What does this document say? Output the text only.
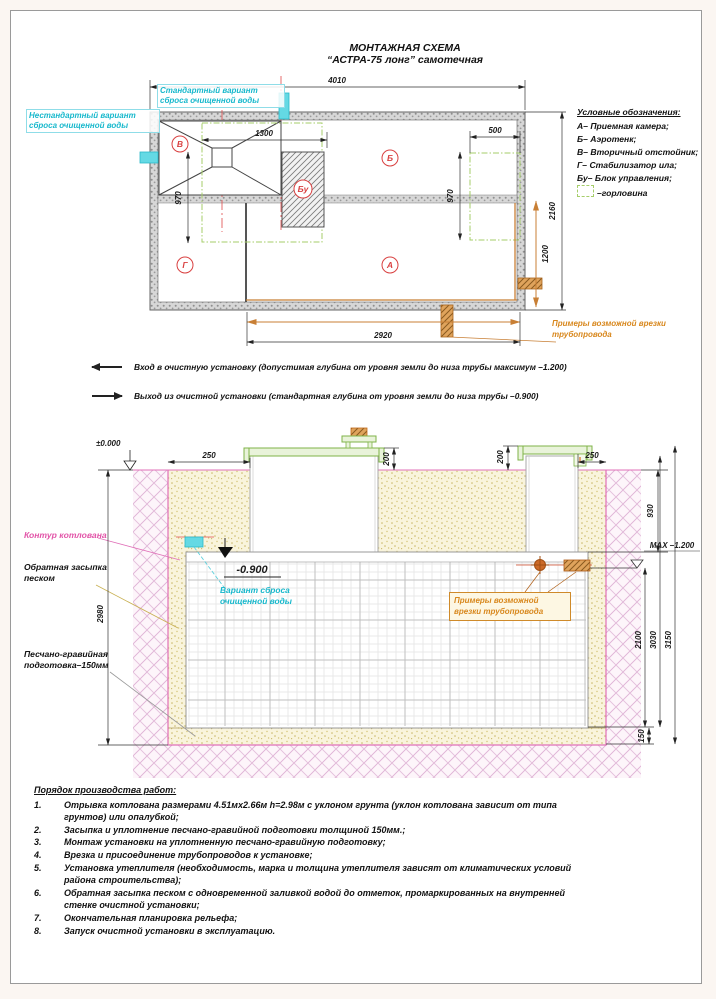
В
Б
Бу
Г	А
4010
1300	500
970	970
2160
1200
2920
-0.900
MAX –1.200
±0.000
250	200	200	250
930
2980
2100 3030 3150
150
МОНТАЖНАЯ СХЕМА
“АСТРА-75 лонг” самотечная
Стандартный вариант сброса очищенной воды
Нестандартный вариант сброса очищенной воды
Примеры возможной врезки трубопровода
Условные обозначения:
А– Приемная камера;
Б– Аэротенк;
В– Вторичный отстойник;
Г– Стабилизатор ила;
Бу– Блок управления;
–горловина
Вход в очистную установку (допустимая глубина от уровня земли до низа трубы максимум –1.200)
Выход из очистной установки (стандартная глубина от уровня земли до низа трубы –0.900)
Контур котлована
Обратная засыпка песком
Песчано-гравийная подготовка–150мм
Вариант сброса очищенной воды	Примеры возможной врезки трубопровода
Порядок производства работ:
1.	Отрывка котлована размерами 4.51мх2.66м h=2.98м с уклоном грунта (уклон котлована зависит от типа грунтов) или опалубкой;
2.	Засыпка и уплотнение песчано-гравийной подготовки толщиной 150мм.;
3.	Монтаж установки на уплотненную песчано-гравийную подготовку;
4.	Врезка и присоединение трубопроводов к установке;
5.	Установка утеплителя (необходимость, марка и толщина утеплителя зависят от климатических условий района строительства);
6.	Обратная засыпка песком с одновременной заливкой водой до отметок, промаркированных на внутренней стенке очистной установки;
7.	Окончательная планировка рельефа;
8.	Запуск очистной установки в эксплуатацию.
